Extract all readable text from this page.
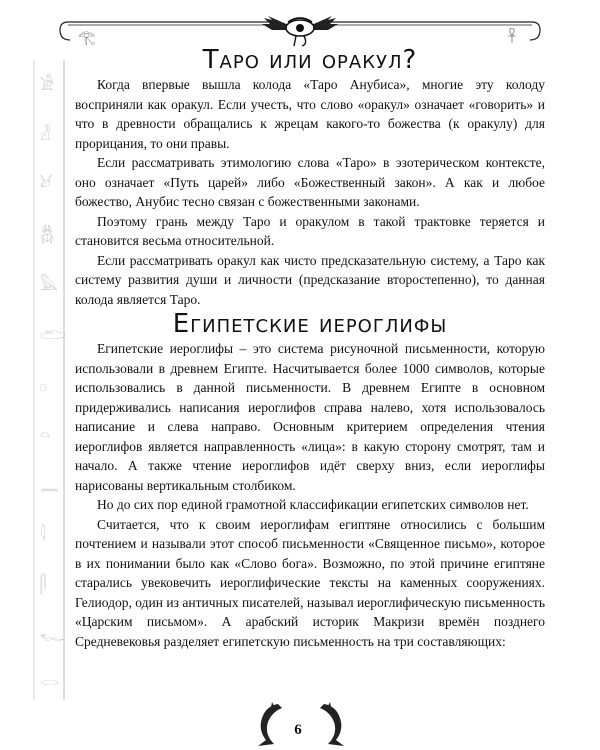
𓂀	𓋹
𓀀
𓁐
𓃾
𓆣
𓅓
𓂧
𓊪
𓏏
𓈖
𓇋
𓋴
𓆑
𓂋
Таро или оракул?

Когда впервые вышла колода «Таро Анубиса», многие эту колоду восприняли как оракул. Если учесть, что слово «оракул» означает «говорить» и что в древности обращались к жрецам какого-то божества (к оракулу) для прорицания, то они правы.

Если рассматривать этимологию слова «Таро» в эзотерическом контексте, оно означает «Путь царей» либо «Божественный закон». А как и любое божество, Анубис тесно связан с божественными законами.

Поэтому грань между Таро и оракулом в такой трактовке теряется и становится весьма относительной.

Если рассматривать оракул как чисто предсказательную систему, а Таро как систему развития души и личности (предсказание второстепенно), то данная колода является Таро.

Египетские иероглифы

Египетские иероглифы – это система рисуночной письменности, которую использовали в древнем Египте. Насчитывается более 1000 символов, которые использовались в данной письменности. В древнем Египте в основном придерживались написания иероглифов справа налево, хотя использовалось написание и слева направо. Основным критерием определения чтения иероглифов является направленность «лица»: в какую сторону смотрят, там и начало. А также чтение иероглифов идёт сверху вниз, если иероглифы нарисованы вертикальным столбиком.

Но до сих пор единой грамотной классификации египетских символов нет.

Считается, что к своим иероглифам египтяне относились с большим почтением и называли этот способ письменности «Священное письмо», которое в их понимании было как «Слово бога». Возможно, по этой причине египтяне старались увековечить иероглифические тексты на каменных сооружениях. Гелиодор, один из античных писателей, называл иероглифическую письменность «Царским письмом». А арабский историк Макризи времён позднего Средневековья разделяет египетскую письменность на три составляющих:

6
